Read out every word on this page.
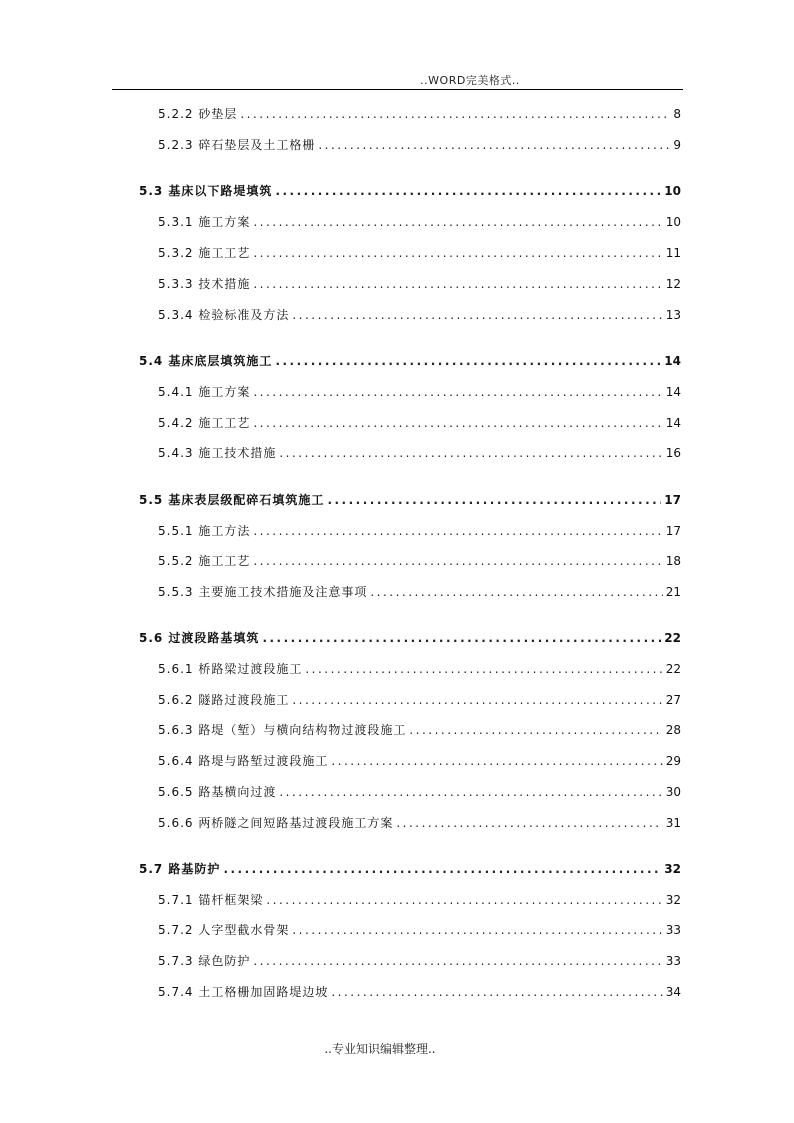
..WORD完美格式..
5.2.2 砂垫层 .....	8
5.2.3 碎石垫层及土工格栅 .....	9
5.3 基床以下路堤填筑 .....	10
5.3.1 施工方案 .....	10
5.3.2 施工工艺 .....	11
5.3.3 技术措施 .....	12
5.3.4 检验标准及方法 .....	13
5.4 基床底层填筑施工 .....	14
5.4.1 施工方案 .....	14
5.4.2 施工工艺 .....	14
5.4.3 施工技术措施 .....	16
5.5 基床表层级配碎石填筑施工 .....	17
5.5.1 施工方法 .....	17
5.5.2 施工工艺 .....	18
5.5.3 主要施工技术措施及注意事项 .....	21
5.6 过渡段路基填筑 .....	22
5.6.1 桥路梁过渡段施工 .....	22
5.6.2 隧路过渡段施工 .....	27
5.6.3 路堤（堑）与横向结构物过渡段施工 .....	28
5.6.4 路堤与路堑过渡段施工 .....	29
5.6.5 路基横向过渡 .....	30
5.6.6 两桥隧之间短路基过渡段施工方案 .....	31
5.7 路基防护 .....	32
5.7.1 锚杆框架梁 .....	32
5.7.2 人字型截水骨架 .....	33
5.7.3 绿色防护 .....	33
5.7.4 土工格栅加固路堤边坡 .....	34
..专业知识编辑整理..
